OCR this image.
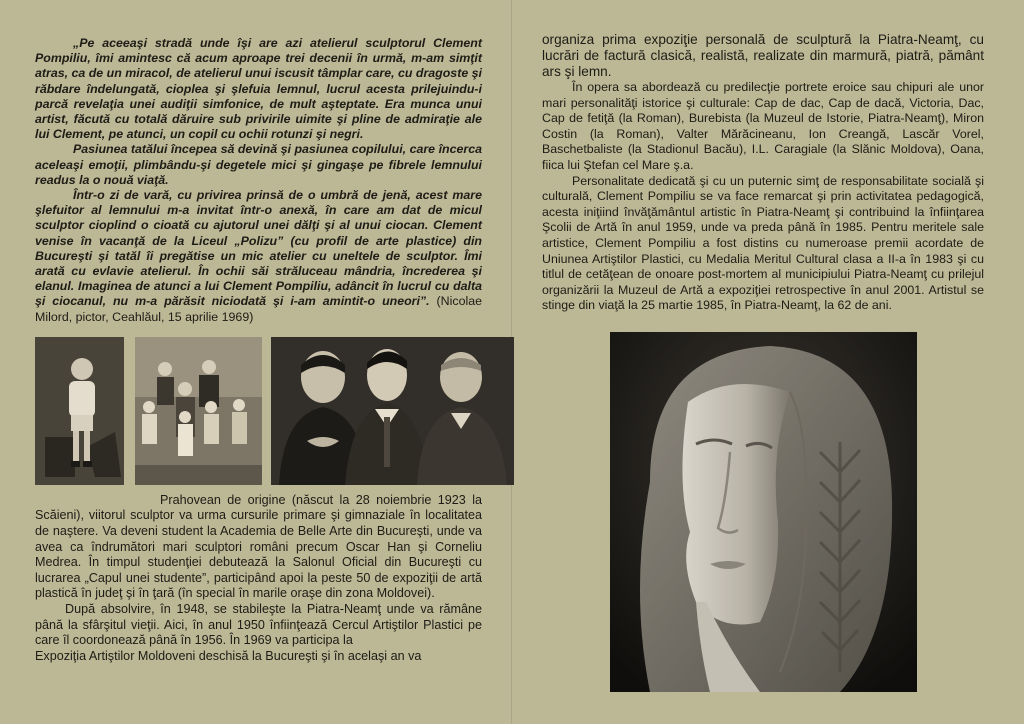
„Pe aceeaşi stradă unde îşi are azi atelierul sculptorul Clement Pompiliu, îmi amintesc că acum aproape trei decenii în urmă, m-am simţit atras, ca de un miracol, de atelierul unui iscusit tâmplar care, cu dragoste şi răbdare îndelungată, cioplea şi şlefuia lemnul, lucrul acesta prilejuindu-i parcă revelaţia unei audiţii simfonice, de mult aşteptate. Era munca unui artist, făcută cu totală dăruire sub privirile uimite şi pline de admiraţie ale lui Clement, pe atunci, un copil cu ochii rotunzi şi negri.

Pasiunea tatălui începea să devină şi pasiunea copilului, care încerca aceleaşi emoţii, plimbându-şi degetele mici şi gingaşe pe fibrele lemnului readus la o nouă viaţă.

Într-o zi de vară, cu privirea prinsă de o umbră de jenă, acest mare şlefuitor al lemnului m-a invitat într-o anexă, în care am dat de micul sculptor cioplind o cioată cu ajutorul unei dălţi şi al unui ciocan. Clement venise în vacanţă de la Liceul „Polizu” (cu profil de arte plastice) din Bucureşti şi tatăl îi pregătise un mic atelier cu uneltele de sculptor. Îmi arată cu evlavie atelierul. În ochii săi străluceau mândria, încrederea şi elanul. Imaginea de atunci a lui Clement Pompiliu, adâncit în lucrul cu dalta şi ciocanul, nu m-a părăsit niciodată şi i-am amintit-o uneori”. (Nicolae Milord, pictor, Ceahlăul, 15 aprilie 1969)

Prahovean de origine (născut la 28 noiembrie 1923 la Scăieni), viitorul sculptor va urma cursurile primare şi gimnaziale în localitatea de naştere. Va deveni student la Academia de Belle Arte din Bucureşti, unde va avea ca îndrumători mari sculptori români precum Oscar Han şi Corneliu Medrea. În timpul studenţiei debutează la Salonul Oficial din Bucureşti cu lucrarea „Capul unei studente”, participând apoi la peste 50 de expoziţii de artă plastică în judeţ şi în ţară (în special în marile oraşe din zona Moldovei).

După absolvire, în 1948, se stabileşte la Piatra-Neamţ unde va rămâne până la sfârşitul vieţii. Aici, în anul 1950 înfiinţează Cercul Artiştilor Plastici pe care îl coordonează până în 1956. În 1969 va participa la

Expoziţia Artiştilor Moldoveni deschisă la Bucureşti şi în acelaşi an va

organiza prima expoziţie personală de sculptură la Piatra-Neamţ, cu lucrări de factură clasică, realistă, realizate din marmură, piatră, pământ ars şi lemn.

În opera sa abordează cu predilecţie portrete eroice sau chipuri ale unor mari personalităţi istorice şi culturale: Cap de dac, Cap de dacă, Victoria, Dac, Cap de fetiţă (la Roman), Burebista (la Muzeul de Istorie, Piatra-Neamţ), Miron Costin (la Roman), Valter Mărăcineanu, Ion Creangă, Lascăr Vorel, Baschetbaliste (la Stadionul Bacău), I.L. Caragiale (la Slănic Moldova), Oana, fiica lui Ştefan cel Mare ş.a.

Personalitate dedicată şi cu un puternic simţ de responsabilitate socială şi culturală, Clement Pompiliu se va face remarcat şi prin activitatea pedagogică, acesta iniţiind învăţământul artistic în Piatra-Neamţ şi contribuind la înfiinţarea Şcolii de Artă în anul 1959, unde va preda până în 1985. Pentru meritele sale artistice, Clement Pompiliu a fost distins cu numeroase premii acordate de Uniunea Artiştilor Plastici, cu Medalia Meritul Cultural clasa a II-a în 1983 şi cu titlul de cetăţean de onoare post-mortem al municipiului Piatra-Neamţ cu prilejul organizării la Muzeul de Artă a expoziţiei retrospective în anul 2001. Artistul se stinge din viaţă la 25 martie 1985, în Piatra-Neamţ, la 62 de ani.
